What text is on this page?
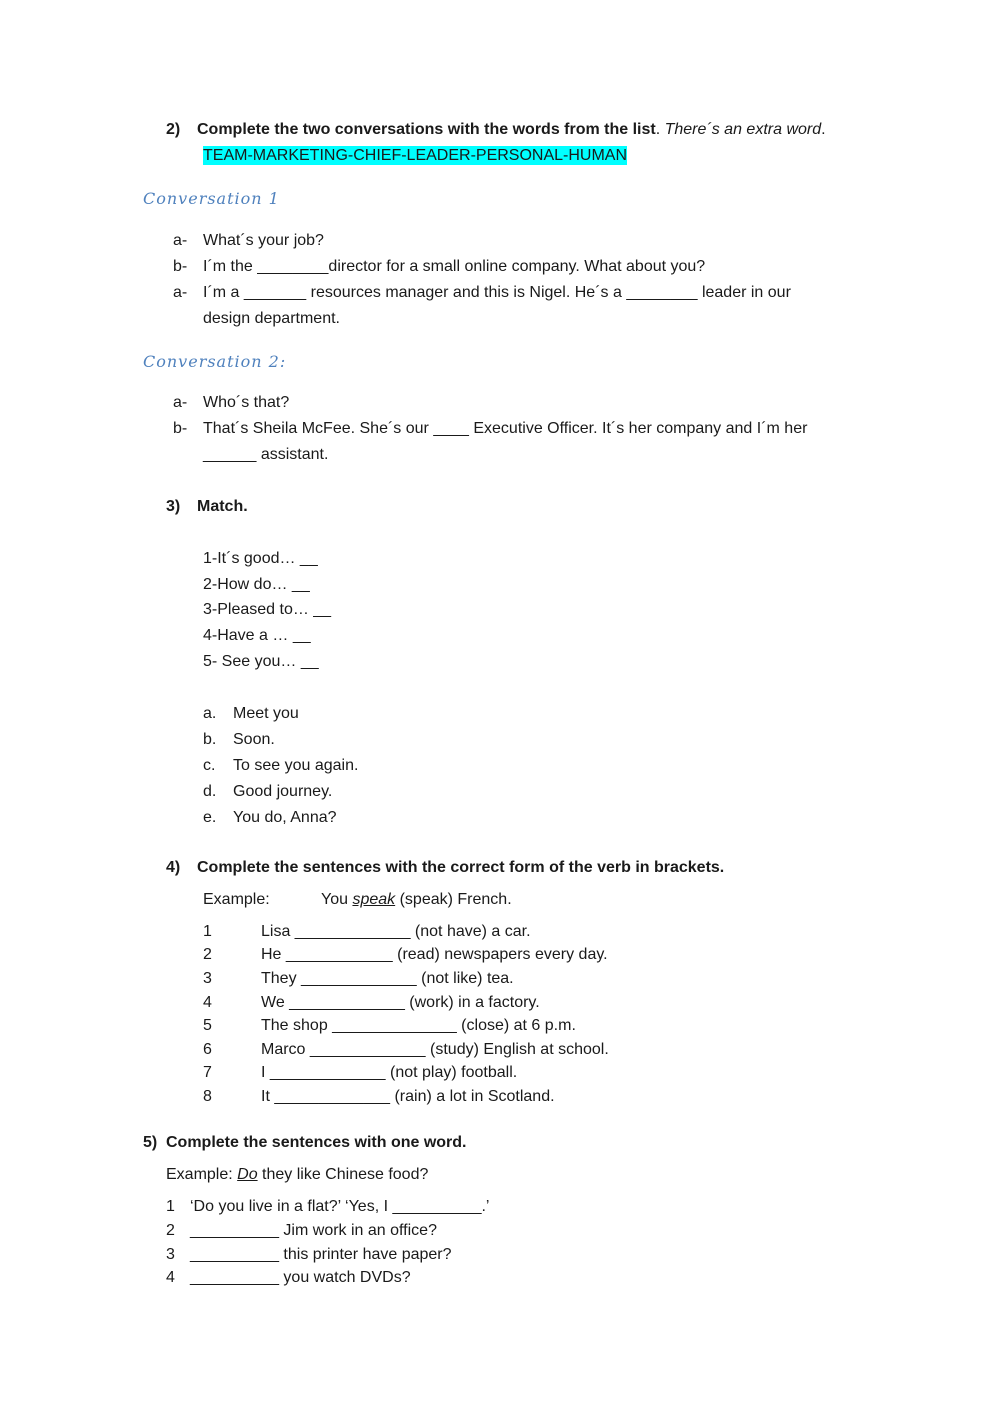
2) Complete the two conversations with the words from the list. There´s an extra word.
TEAM-MARKETING-CHIEF-LEADER-PERSONAL-HUMAN
Conversation 1
a- What´s your job?
b- I´m the ________director for a small online company. What about you?
a- I´m a _______ resources manager and this is Nigel. He´s a ________ leader in our
design department.
Conversation 2:
a- Who´s that?
b- That´s Sheila McFee. She´s our ____ Executive Officer. It´s her company and I´m her
______ assistant.
3) Match.
1-It´s good… __
2-How do… __
3-Pleased to… __
4-Have a … __
5- See you… __
a. Meet you
b. Soon.
c. To see you again.
d. Good journey.
e. You do, Anna?
4) Complete the sentences with the correct form of the verb in brackets.
Example:	You speak (speak) French.
1	Lisa _____________ (not have) a car.
2	He ____________ (read) newspapers every day.
3	They _____________ (not like) tea.
4	We _____________ (work) in a factory.
5	The shop ______________ (close) at 6 p.m.
6	Marco _____________ (study) English at school.
7	I _____________ (not play) football.
8	It _____________ (rain) a lot in Scotland.
5) Complete the sentences with one word.
Example: Do they like Chinese food?
1 ‘Do you live in a flat?’ ‘Yes, I __________.’
2 __________ Jim work in an office?
3 __________ this printer have paper?
4 __________ you watch DVDs?
